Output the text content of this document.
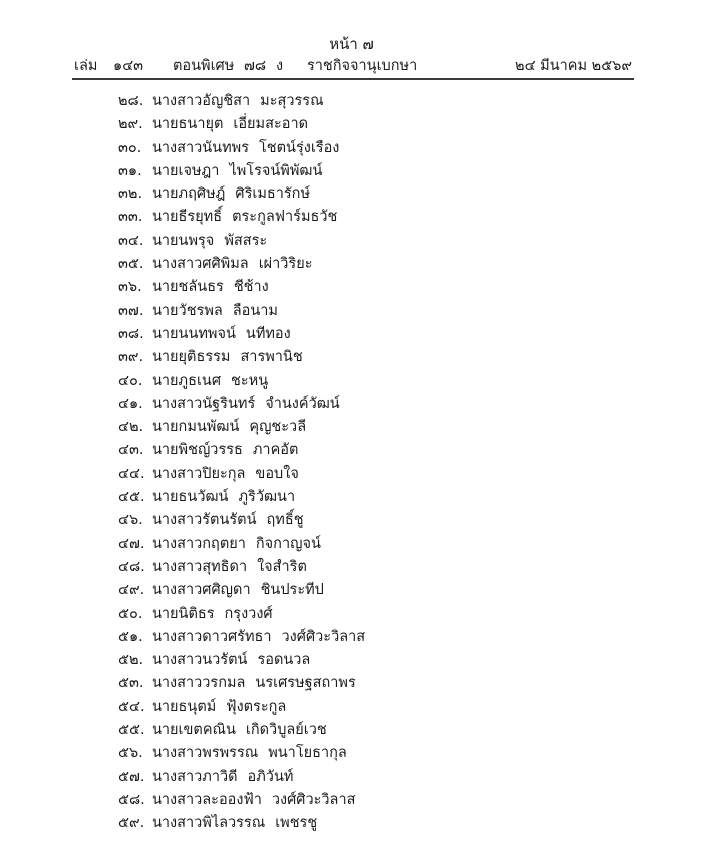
หน้า ๗
เล่ม ๑๔๓ ตอนพิเศษ ๗๘ ง ราชกิจจานุเบกษา	๒๔ มีนาคม ๒๕๖๙
๒๘. นางสาวอัญชิสา มะสุวรรณ
๒๙. นายธนายุต เอี่ยมสะอาด
๓๐. นางสาวนันทพร โชตน์รุ่งเรือง
๓๑. นายเจษฎา ไพโรจน์พิพัฒน์
๓๒. นายภฤศิษฎ์ ศิริเมธารักษ์
๓๓. นายธีรยุทธิ์ ตระกูลฟาร์มธวัช
๓๔. นายนพรุจ พัสสระ
๓๕. นางสาวศศิพิมล เผ่าวิริยะ
๓๖. นายชลันธร ชีช้าง
๓๗. นายวัชรพล ลือนาม
๓๘. นายนนทพจน์ นทีทอง
๓๙. นายยุติธรรม สารพานิช
๔๐. นายภูธเนศ ชะหนู
๔๑. นางสาวนัฐรินทร์ จำนงค์วัฒน์
๔๒. นายกมนพัฒน์ คุญชะวลี
๔๓. นายพิชญ์วรรธ ภาคอัต
๔๔. นางสาวปิยะกุล ขอบใจ
๔๕. นายธนวัฒน์ ภูริวัฒนา
๔๖. นางสาวรัตนรัตน์ ฤทธิ์ชู
๔๗. นางสาวกฤตยา กิจกาญจน์
๔๘. นางสาวสุทธิดา ใจสำริต
๔๙. นางสาวศศิญดา ชินประทีป
๕๐. นายนิติธร กรุงวงศ์
๕๑. นางสาวดาวศรัทธา วงศ์ศิวะวิลาส
๕๒. นางสาวนวรัตน์ รอดนวล
๕๓. นางสาววรกมล นรเศรษฐสถาพร
๕๔. นายธนุตม์ ฟุ้งตระกูล
๕๕. นายเขตคณิน เกิดวิบูลย์เวช
๕๖. นางสาวพรพรรณ พนาโยธากุล
๕๗. นางสาวภาวิดี อภิวันท์
๕๘. นางสาวละอองฟ้า วงศ์ศิวะวิลาส
๕๙. นางสาวพิไลวรรณ เพชรชู
